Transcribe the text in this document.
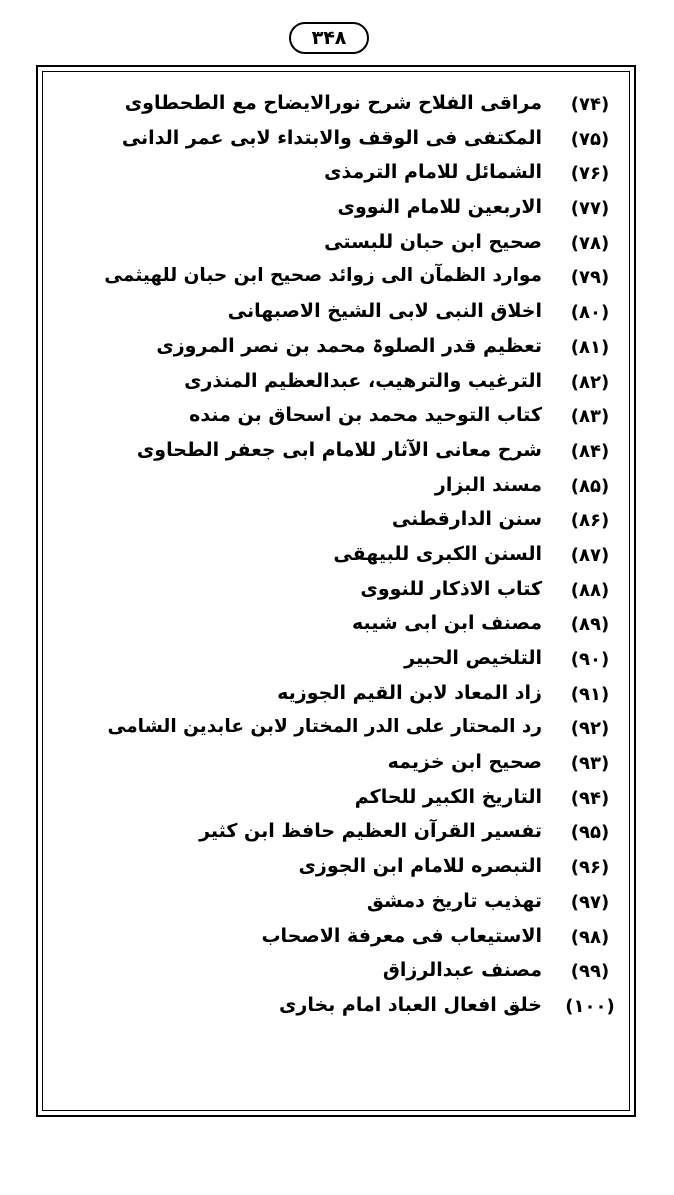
۳۴۸
(۷۴)
مراقی الفلاح شرح نورالایضاح مع الطحطاوی
(۷۵)
المکتفی فی الوقف والابتداء لابی عمر الدانی
(۷۶)
الشمائل للامام الترمذی
(۷۷)
الاربعین للامام النووی
(۷۸)
صحیح ابن حبان للبستی
(۷۹)
موارد الظمآن الی زوائد صحیح ابن حبان للهیثمی
(۸۰)
اخلاق النبی لابی الشیخ الاصبهانی
(۸۱)
تعظیم قدر الصلوۃ محمد بن نصر المروزی
(۸۲)
الترغیب والترهیب، عبدالعظیم المنذری
(۸۳)
کتاب التوحید محمد بن اسحاق بن منده
(۸۴)
شرح معانی الآثار للامام ابی جعفر الطحاوی
(۸۵)
مسند البزار
(۸۶)
سنن الدارقطنی
(۸۷)
السنن الکبری للبیهقی
(۸۸)
کتاب الاذکار للنووی
(۸۹)
مصنف ابن ابی شیبه
(۹۰)
التلخیص الحبیر
(۹۱)
زاد المعاد لابن القیم الجوزیه
(۹۲)
رد المحتار علی الدر المختار لابن عابدین الشامی
(۹۳)
صحیح ابن خزیمه
(۹۴)
التاریخ الکبیر للحاکم
(۹۵)
تفسیر القرآن العظیم حافظ ابن کثیر
(۹۶)
التبصره للامام ابن الجوزی
(۹۷)
تهذیب تاریخ دمشق
(۹۸)
الاستیعاب فی معرفة الاصحاب
(۹۹)
مصنف عبدالرزاق
(۱۰۰)
خلق افعال العباد امام بخاری
